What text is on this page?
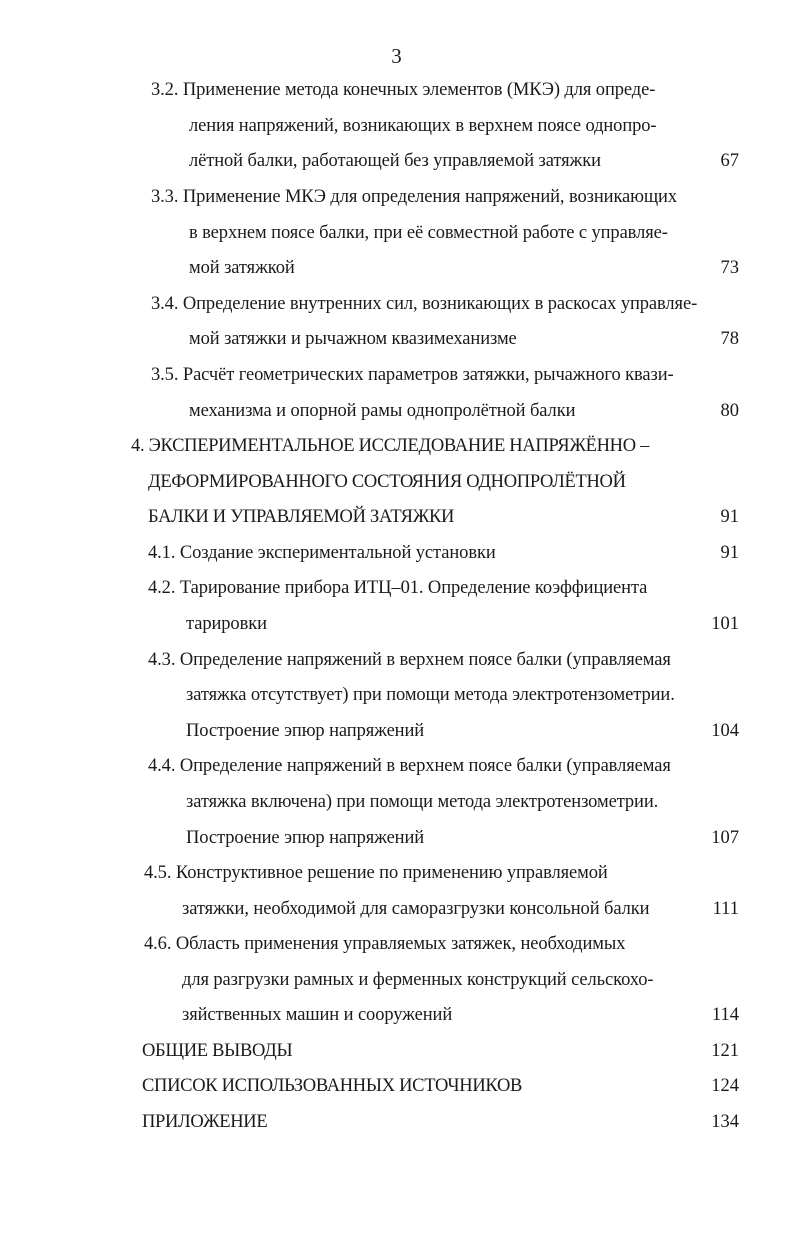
3
3.2. Применение метода конечных элементов (МКЭ) для опреде-
ления напряжений, возникающих в верхнем поясе однопро-
лётной балки, работающей без управляемой затяжки	67
3.3. Применение МКЭ для определения напряжений, возникающих
в верхнем поясе балки, при её совместной работе с управляе-
мой затяжкой	73
3.4. Определение внутренних сил, возникающих в раскосах управляе-
мой затяжки и рычажном квазимеханизме	78
3.5. Расчёт геометрических параметров затяжки, рычажного квази-
механизма и опорной рамы однопролётной балки	80
4. ЭКСПЕРИМЕНТАЛЬНОЕ ИССЛЕДОВАНИЕ НАПРЯЖЁННО –
ДЕФОРМИРОВАННОГО СОСТОЯНИЯ ОДНОПРОЛЁТНОЙ
БАЛКИ И УПРАВЛЯЕМОЙ ЗАТЯЖКИ	91
4.1. Создание экспериментальной установки	91
4.2. Тарирование прибора ИТЦ–01. Определение коэффициента
тарировки	101
4.3. Определение напряжений в верхнем поясе балки (управляемая
затяжка отсутствует) при помощи метода электротензометрии.
Построение эпюр напряжений	104
4.4. Определение напряжений в верхнем поясе балки (управляемая
затяжка включена) при помощи метода электротензометрии.
Построение эпюр напряжений	107
4.5. Конструктивное решение по применению управляемой
затяжки, необходимой для саморазгрузки консольной балки	111
4.6. Область применения управляемых затяжек, необходимых
для разгрузки рамных и ферменных конструкций сельскохо-
зяйственных машин и сооружений	114
ОБЩИЕ ВЫВОДЫ	121
СПИСОК ИСПОЛЬЗОВАННЫХ ИСТОЧНИКОВ	124
ПРИЛОЖЕНИЕ	134
